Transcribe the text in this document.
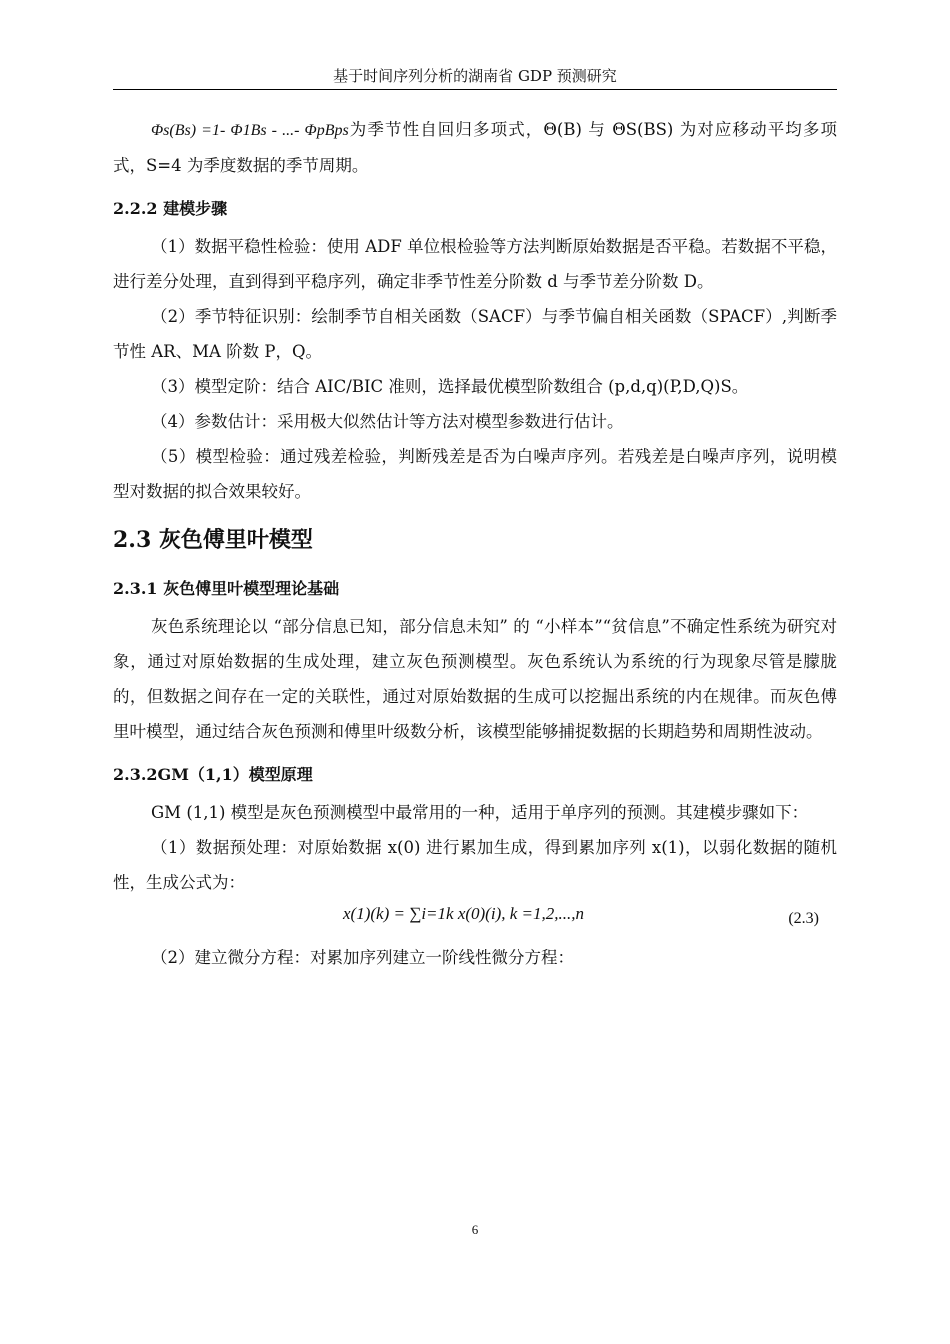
基于时间序列分析的湖南省 GDP 预测研究

Φs(Bs) =1- Φ1Bs - ...- ΦpBps为季节性自回归多项式，Θ(B) 与 ΘS(BS) 为对应移动平均多项式，S=4 为季度数据的季节周期。

2.2.2 建模步骤

（1）数据平稳性检验：使用 ADF 单位根检验等方法判断原始数据是否平稳。若数据不平稳，进行差分处理，直到得到平稳序列，确定非季节性差分阶数 d 与季节差分阶数 D。

（2）季节特征识别：绘制季节自相关函数（SACF）与季节偏自相关函数（SPACF）,判断季节性 AR、MA 阶数 P，Q。

（3）模型定阶：结合 AIC/BIC 准则，选择最优模型阶数组合 (p,d,q)(P,D,Q)S。

（4）参数估计：采用极大似然估计等方法对模型参数进行估计。

（5）模型检验：通过残差检验，判断残差是否为白噪声序列。若残差是白噪声序列，说明模型对数据的拟合效果较好。

2.3 灰色傅里叶模型
2.3.1 灰色傅里叶模型理论基础

灰色系统理论以 “部分信息已知，部分信息未知” 的 “小样本”“贫信息”不确定性系统为研究对象，通过对原始数据的生成处理，建立灰色预测模型。灰色系统认为系统的行为现象尽管是朦胧的，但数据之间存在一定的关联性，通过对原始数据的生成可以挖掘出系统的内在规律。而灰色傅里叶模型，通过结合灰色预测和傅里叶级数分析，该模型能够捕捉数据的长期趋势和周期性波动。

2.3.2GM（1,1）模型原理

GM (1,1) 模型是灰色预测模型中最常用的一种，适用于单序列的预测。其建模步骤如下：

（1）数据预处理：对原始数据 x(0) 进行累加生成，得到累加序列 x(1)，以弱化数据的随机性，生成公式为：

x(1)(k) = ∑i=1k x(0)(i), k =1,2,...,n	(2.3)

（2）建立微分方程：对累加序列建立一阶线性微分方程：

6
